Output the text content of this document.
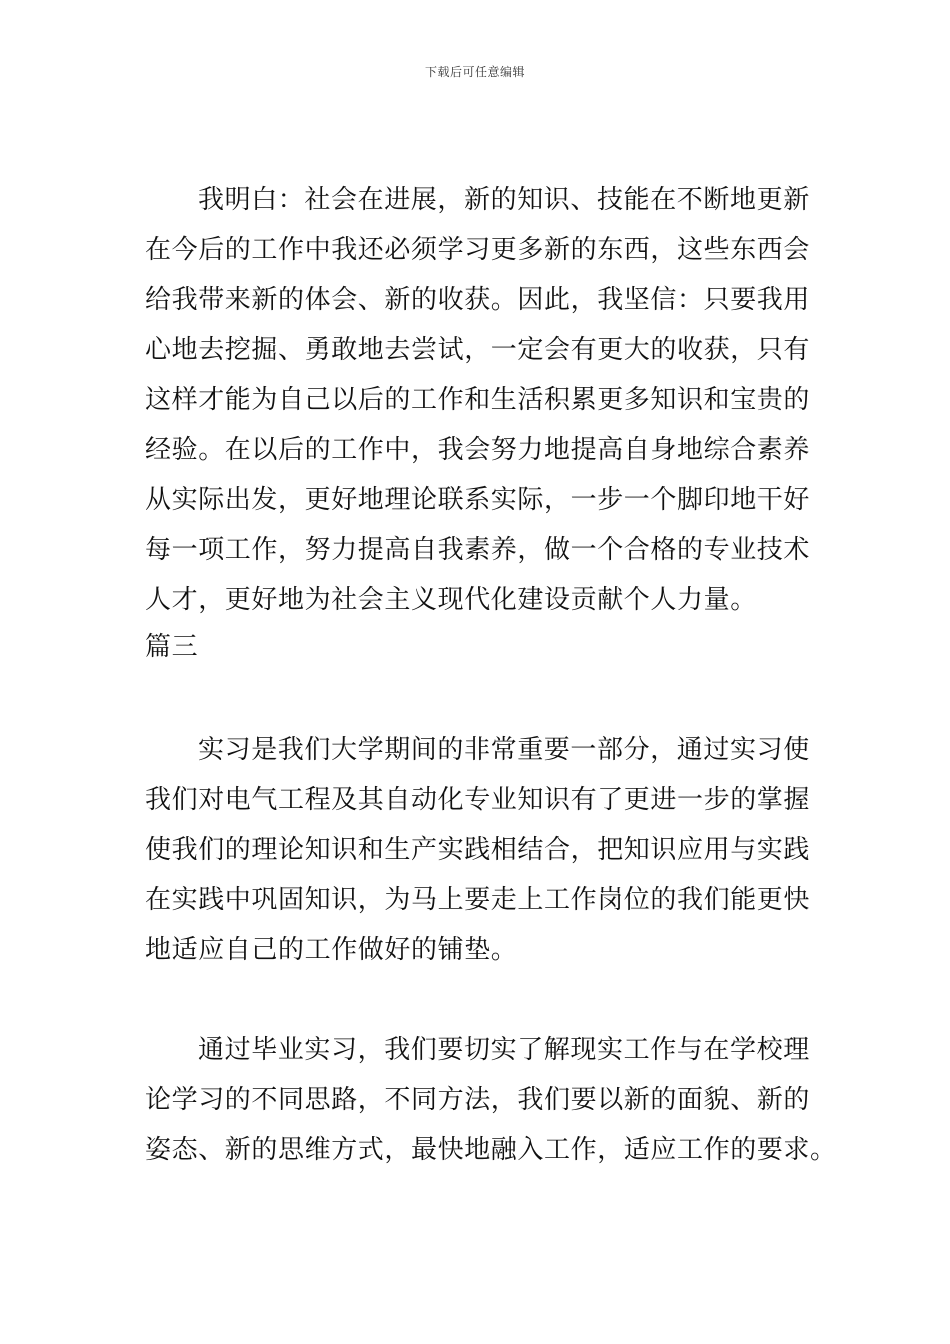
下载后可任意编辑
我明白：社会在进展，新的知识、技能在不断地更新
在今后的工作中我还必须学习更多新的东西，这些东西会
给我带来新的体会、新的收获。因此，我坚信：只要我用
心地去挖掘、勇敢地去尝试，一定会有更大的收获，只有
这样才能为自己以后的工作和生活积累更多知识和宝贵的
经验。在以后的工作中，我会努力地提高自身地综合素养
从实际出发，更好地理论联系实际，一步一个脚印地干好
每一项工作，努力提高自我素养，做一个合格的专业技术
人才，更好地为社会主义现代化建设贡献个人力量。
篇三
实习是我们大学期间的非常重要一部分，通过实习使
我们对电气工程及其自动化专业知识有了更进一步的掌握
使我们的理论知识和生产实践相结合，把知识应用与实践
在实践中巩固知识，为马上要走上工作岗位的我们能更快
地适应自己的工作做好的铺垫。
通过毕业实习，我们要切实了解现实工作与在学校理
论学习的不同思路，不同方法，我们要以新的面貌、新的
姿态、新的思维方式，最快地融入工作，适应工作的要求。
